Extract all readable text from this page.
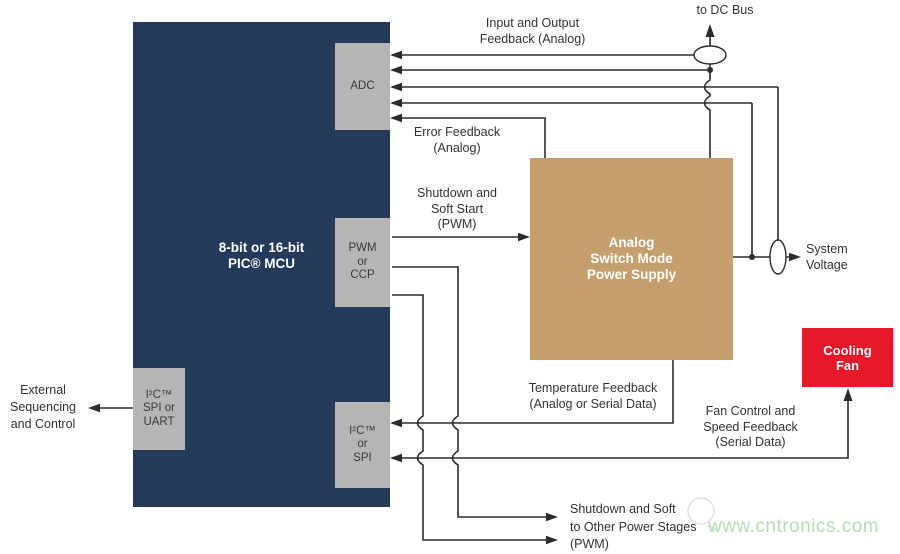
8-bit or 16-bit
PIC® MCU
ADC
PWM
or
CCP
I²C™
or
SPI
I²C™
SPI or
UART
Analog
Switch Mode
Power Supply
Cooling
Fan
Input and Output
Feedback (Analog)
to DC Bus
Error Feedback
(Analog)
Shutdown and
Soft Start
(PWM)
System
Voltage
Temperature Feedback
(Analog or Serial Data)
Fan Control and
Speed Feedback
(Serial Data)
External
Sequencing
and Control
Shutdown and Soft
to Other Power Stages
(PWM)
www.cntronics.com
